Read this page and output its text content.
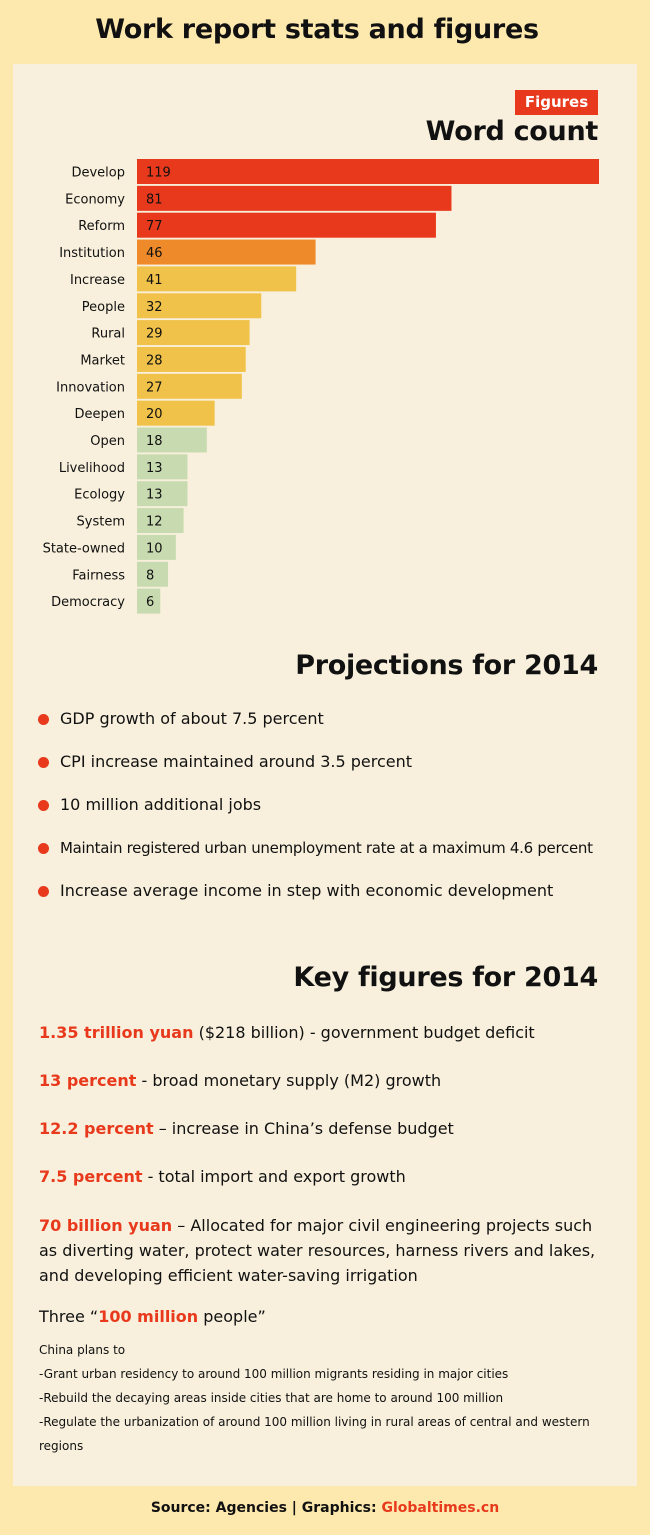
Work report stats and figures
Figures
Word count
119
Develop
81
Economy
77
Reform
46
Institution
41
Increase
32
People
29
Rural
28
Market
27
Innovation
20
Deepen
18
Open
13
Livelihood
13
Ecology
12
System
10
State-owned
8
Fairness
6
Democracy
Projections for 2014
GDP growth of about 7.5 percent
CPI increase maintained around 3.5 percent
10 million additional jobs
Maintain registered urban unemployment rate at a maximum 4.6 percent
Increase average income in step with economic development
Key figures for 2014
1.35 trillion yuan ($218 billion) - government budget deficit
13 percent - broad monetary supply (M2) growth
12.2 percent – increase in China’s defense budget
7.5 percent - total import and export growth
70 billion yuan – Allocated for major civil engineering projects such as diverting water, protect water resources, harness rivers and lakes, and developing efficient water-saving irrigation
Three “100 million people”
China plans to
-Grant urban residency to around 100 million migrants residing in major cities
-Rebuild the decaying areas inside cities that are home to around 100 million
-Regulate the urbanization of around 100 million living in rural areas of central and western regions
Source: Agencies | Graphics: Globaltimes.cn
